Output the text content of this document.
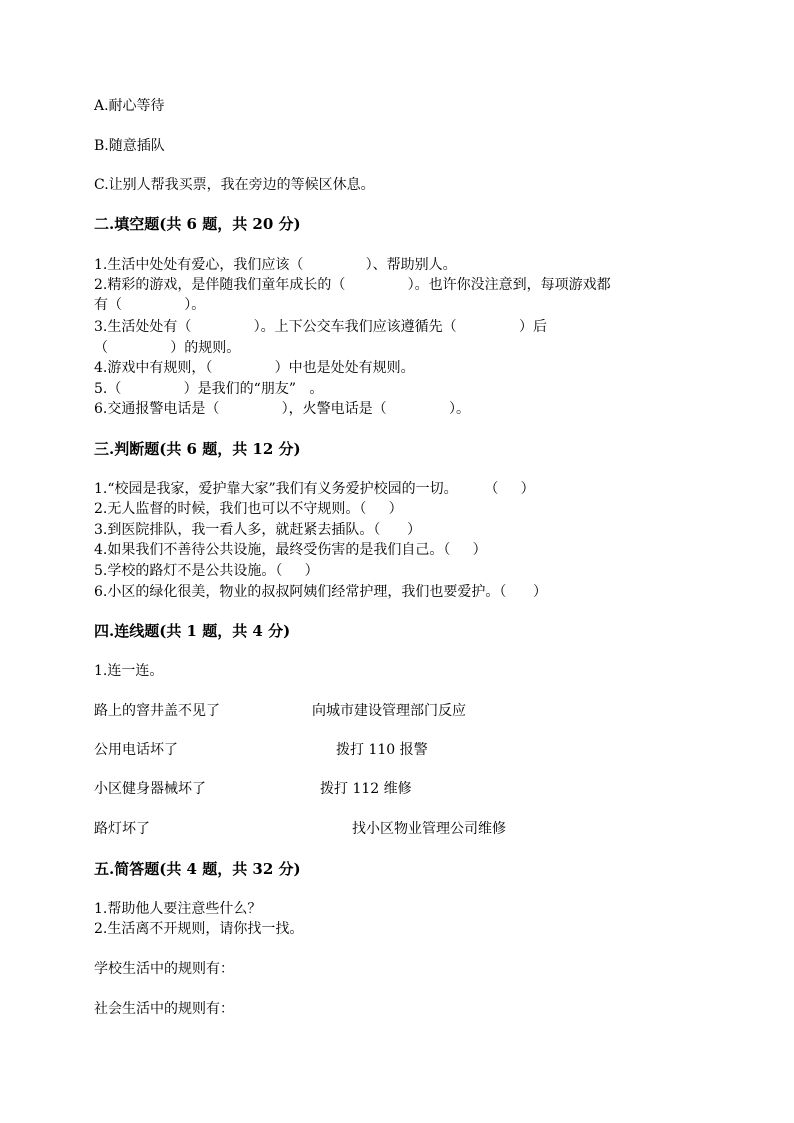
A.耐心等待
B.随意插队
C.让别人帮我买票，我在旁边的等候区休息。
二.填空题(共 6 题，共 20 分)
1.生活中处处有爱心，我们应该（              ）、帮助别人。
2.精彩的游戏，是伴随我们童年成长的（              ）。也许你没注意到，每项游戏都
有（              ）。
3.生活处处有（              ）。上下公交车我们应该遵循先（              ）后
（              ）的规则。
4.游戏中有规则，（              ）中也是处处有规则。
5.（              ）是我们的“朋友”   。
6.交通报警电话是（              ），火警电话是（              ）。
三.判断题(共 6 题，共 12 分)
1.“校园是我家，爱护靠大家”我们有义务爱护校园的一切。      （     ）
2.无人监督的时候，我们也可以不守规则。（     ）
3.到医院排队，我一看人多，就赶紧去插队。（      ）
4.如果我们不善待公共设施，最终受伤害的是我们自己。（     ）
5.学校的路灯不是公共设施。（     ）
6.小区的绿化很美，物业的叔叔阿姨们经常护理，我们也要爱护。（      ）
四.连线题(共 1 题，共 4 分)
1.连一连。
路上的窨井盖不见了	向城市建设管理部门反应
公用电话坏了	拨打 110 报警
小区健身器械坏了	拨打 112 维修
路灯坏了	找小区物业管理公司维修
五.简答题(共 4 题，共 32 分)
1.帮助他人要注意些什么？
2.生活离不开规则，请你找一找。
学校生活中的规则有：
社会生活中的规则有：
